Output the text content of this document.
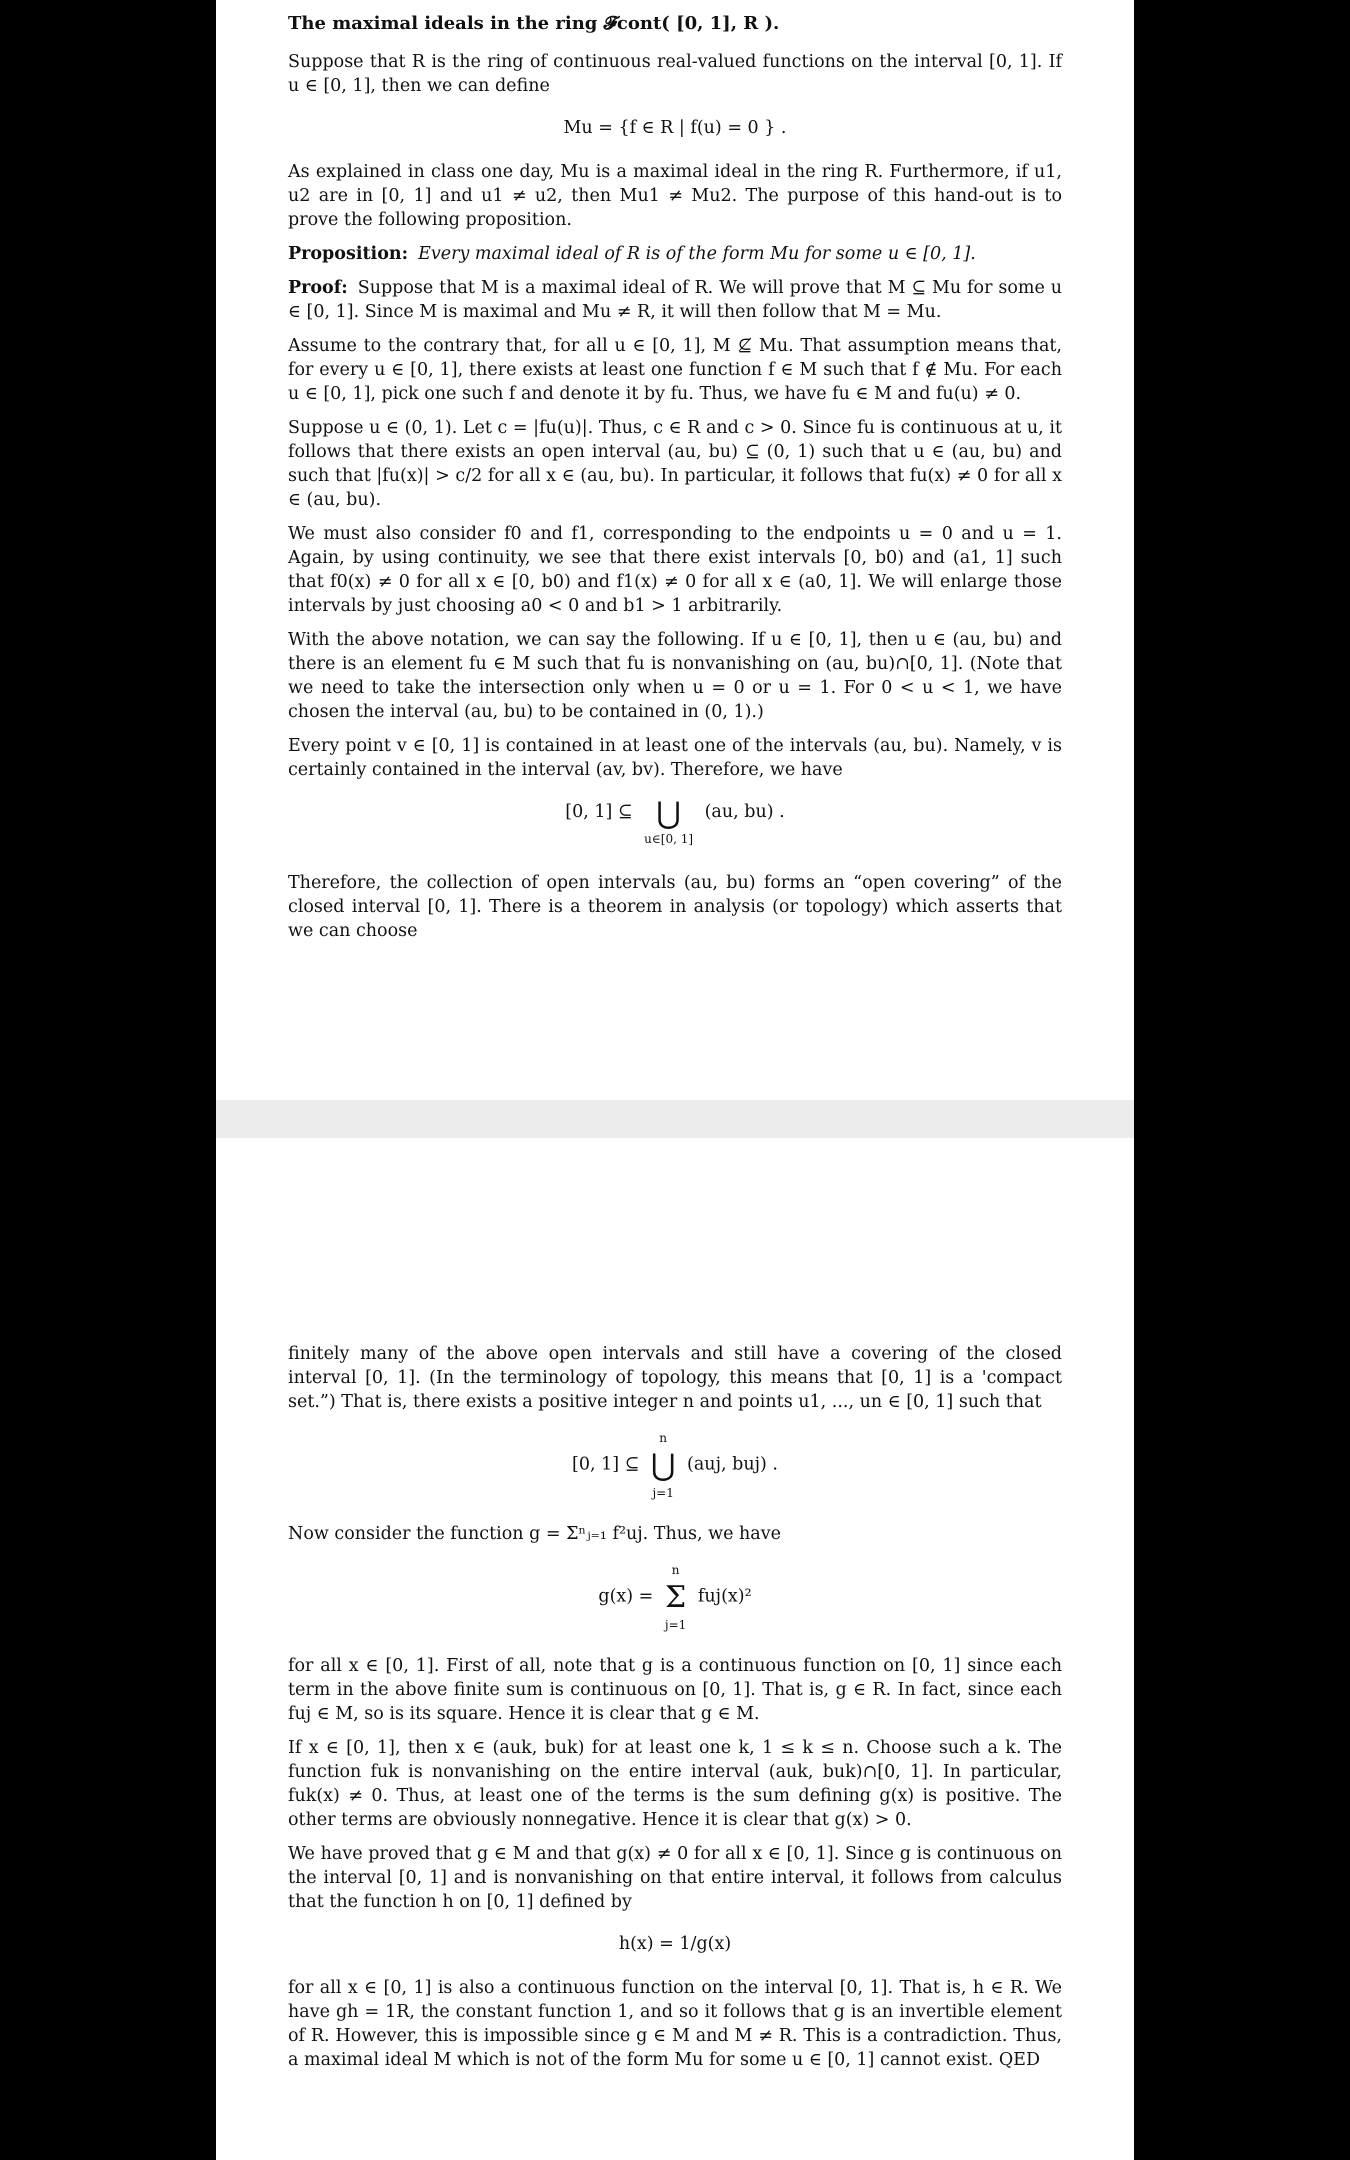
The maximal ideals in the ring 𝓕cont( [0, 1], R ).

Suppose that R is the ring of continuous real-valued functions on the interval [0, 1]. If u ∈ [0, 1], then we can define

Mu = {f ∈ R | f(u) = 0 } .

As explained in class one day, Mu is a maximal ideal in the ring R. Furthermore, if u1, u2 are in [0, 1] and u1 ≠ u2, then Mu1 ≠ Mu2. The purpose of this hand-out is to prove the following proposition.

Proposition: Every maximal ideal of R is of the form Mu for some u ∈ [0, 1].

Proof: Suppose that M is a maximal ideal of R. We will prove that M ⊆ Mu for some u ∈ [0, 1]. Since M is maximal and Mu ≠ R, it will then follow that M = Mu.

Assume to the contrary that, for all u ∈ [0, 1], M ⊈ Mu. That assumption means that, for every u ∈ [0, 1], there exists at least one function f ∈ M such that f ∉ Mu. For each u ∈ [0, 1], pick one such f and denote it by fu. Thus, we have fu ∈ M and fu(u) ≠ 0.

Suppose u ∈ (0, 1). Let c = |fu(u)|. Thus, c ∈ R and c > 0. Since fu is continuous at u, it follows that there exists an open interval (au, bu) ⊆ (0, 1) such that u ∈ (au, bu) and such that |fu(x)| > c/2 for all x ∈ (au, bu). In particular, it follows that fu(x) ≠ 0 for all x ∈ (au, bu).

We must also consider f0 and f1, corresponding to the endpoints u = 0 and u = 1. Again, by using continuity, we see that there exist intervals [0, b0) and (a1, 1] such that f0(x) ≠ 0 for all x ∈ [0, b0) and f1(x) ≠ 0 for all x ∈ (a0, 1]. We will enlarge those intervals by just choosing a0 < 0 and b1 > 1 arbitrarily.

With the above notation, we can say the following. If u ∈ [0, 1], then u ∈ (au, bu) and there is an element fu ∈ M such that fu is nonvanishing on (au, bu)∩[0, 1]. (Note that we need to take the intersection only when u = 0 or u = 1. For 0 < u < 1, we have chosen the interval (au, bu) to be contained in (0, 1).)

Every point v ∈ [0, 1] is contained in at least one of the intervals (au, bu). Namely, v is certainly contained in the interval (av, bv). Therefore, we have

[0, 1] ⊆ ⋃
u∈[0, 1] (au, bu) .

Therefore, the collection of open intervals (au, bu) forms an “open covering” of the closed interval [0, 1]. There is a theorem in analysis (or topology) which asserts that we can choose

finitely many of the above open intervals and still have a covering of the closed interval [0, 1]. (In the terminology of topology, this means that [0, 1] is a 'compact set.”) That is, there exists a positive integer n and points u1, ..., un ∈ [0, 1] such that

[0, 1] ⊆ n
⋃
j=1 (auj, buj) .

Now consider the function g = Σⁿⱼ₌₁ f²uj. Thus, we have

g(x) = n
Σ
j=1 fuj(x)²

for all x ∈ [0, 1]. First of all, note that g is a continuous function on [0, 1] since each term in the above finite sum is continuous on [0, 1]. That is, g ∈ R. In fact, since each fuj ∈ M, so is its square. Hence it is clear that g ∈ M.

If x ∈ [0, 1], then x ∈ (auk, buk) for at least one k, 1 ≤ k ≤ n. Choose such a k. The function fuk is nonvanishing on the entire interval (auk, buk)∩[0, 1]. In particular, fuk(x) ≠ 0. Thus, at least one of the terms is the sum defining g(x) is positive. The other terms are obviously nonnegative. Hence it is clear that g(x) > 0.

We have proved that g ∈ M and that g(x) ≠ 0 for all x ∈ [0, 1]. Since g is continuous on the interval [0, 1] and is nonvanishing on that entire interval, it follows from calculus that the function h on [0, 1] defined by

h(x) = 1/g(x)

for all x ∈ [0, 1] is also a continuous function on the interval [0, 1]. That is, h ∈ R. We have gh = 1R, the constant function 1, and so it follows that g is an invertible element of R. However, this is impossible since g ∈ M and M ≠ R. This is a contradiction. Thus, a maximal ideal M which is not of the form Mu for some u ∈ [0, 1] cannot exist. QED
